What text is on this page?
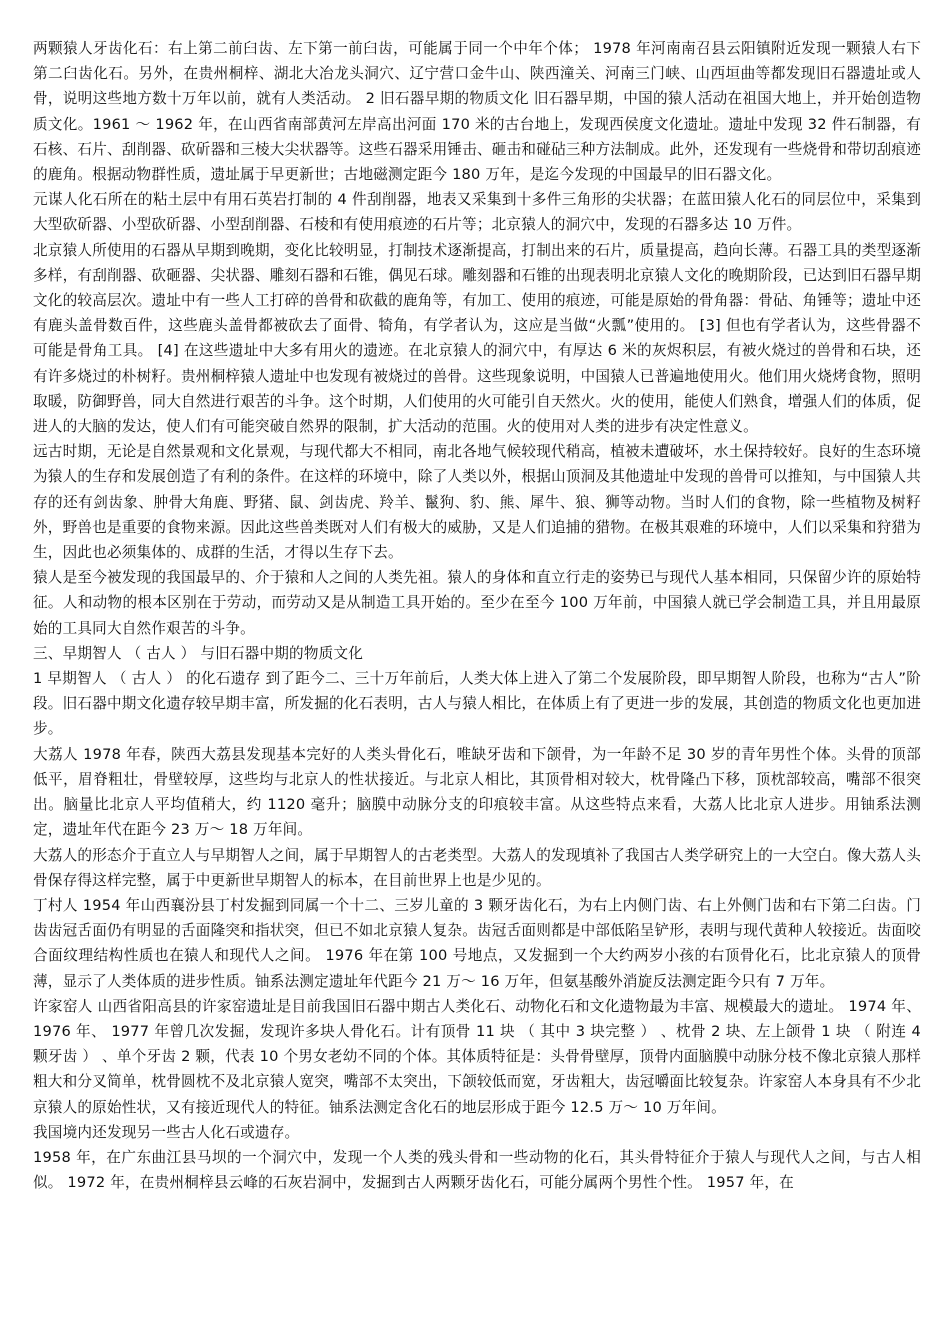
两颗猿人牙齿化石：右上第二前臼齿、左下第一前臼齿，可能属于同一个中年个体； 1978 年河南南召县云阳镇附近发现一颗猿人右下第二臼齿化石。另外，在贵州桐梓、湖北大冶龙头洞穴、辽宁营口金牛山、陕西潼关、河南三门峡、山西垣曲等都发现旧石器遗址或人骨，说明这些地方数十万年以前，就有人类活动。 2 旧石器早期的物质文化 旧石器早期，中国的猿人活动在祖国大地上，并开始创造物质文化。1961 ～ 1962 年，在山西省南部黄河左岸高出河面 170 米的古台地上，发现西侯度文化遗址。遗址中发现 32 件石制器，有石核、石片、刮削器、砍斫器和三棱大尖状器等。这些石器采用锤击、砸击和碰砧三种方法制成。此外，还发现有一些烧骨和带切刮痕迹的鹿角。根据动物群性质，遗址属于早更新世；古地磁测定距今 180 万年，是迄今发现的中国最早的旧石器文化。

元谋人化石所在的粘土层中有用石英岩打制的 4 件刮削器，地表又采集到十多件三角形的尖状器；在蓝田猿人化石的同层位中，采集到大型砍斫器、小型砍斫器、小型刮削器、石棱和有使用痕迹的石片等；北京猿人的洞穴中，发现的石器多达 10 万件。

北京猿人所使用的石器从早期到晚期，变化比较明显，打制技术逐渐提高，打制出来的石片，质量提高，趋向长薄。石器工具的类型逐渐多样，有刮削器、砍砸器、尖状器、雕刻石器和石锥，偶见石球。雕刻器和石锥的出现表明北京猿人文化的晚期阶段，已达到旧石器早期文化的较高层次。遗址中有一些人工打碎的兽骨和砍截的鹿角等，有加工、使用的痕迹，可能是原始的骨角器：骨砧、角锤等；遗址中还有鹿头盖骨数百件，这些鹿头盖骨都被砍去了面骨、犄角，有学者认为，这应是当做“火瓢”使用的。 [3] 但也有学者认为，这些骨器不可能是骨角工具。 [4] 在这些遗址中大多有用火的遗迹。在北京猿人的洞穴中，有厚达 6 米的灰烬积层，有被火烧过的兽骨和石块，还有许多烧过的朴树籽。贵州桐梓猿人遗址中也发现有被烧过的兽骨。这些现象说明，中国猿人已普遍地使用火。他们用火烧烤食物，照明取暖，防御野兽，同大自然进行艰苦的斗争。这个时期，人们使用的火可能引自天然火。火的使用，能使人们熟食，增强人们的体质，促进人的大脑的发达，使人们有可能突破自然界的限制，扩大活动的范围。火的使用对人类的进步有决定性意义。

远古时期，无论是自然景观和文化景观，与现代都大不相同，南北各地气候较现代稍高，植被未遭破坏，水土保持较好。良好的生态环境为猿人的生存和发展创造了有利的条件。在这样的环境中，除了人类以外，根据山顶洞及其他遗址中发现的兽骨可以推知，与中国猿人共存的还有剑齿象、肿骨大角鹿、野猪、鼠、剑齿虎、羚羊、鬣狗、豹、熊、犀牛、狼、狮等动物。当时人们的食物，除一些植物及树籽外，野兽也是重要的食物来源。因此这些兽类既对人们有极大的威胁，又是人们追捕的猎物。在极其艰难的环境中，人们以采集和狩猎为生，因此也必须集体的、成群的生活，才得以生存下去。

猿人是至今被发现的我国最早的、介于猿和人之间的人类先祖。猿人的身体和直立行走的姿势已与现代人基本相同，只保留少许的原始特征。人和动物的根本区别在于劳动，而劳动又是从制造工具开始的。至少在至今 100 万年前，中国猿人就已学会制造工具，并且用最原始的工具同大自然作艰苦的斗争。

三、早期智人 （ 古人 ） 与旧石器中期的物质文化

1 早期智人 （ 古人 ） 的化石遗存 到了距今二、三十万年前后，人类大体上进入了第二个发展阶段，即早期智人阶段，也称为“古人”阶段。旧石器中期文化遗存较早期丰富，所发掘的化石表明，古人与猿人相比，在体质上有了更进一步的发展，其创造的物质文化也更加进步。

大荔人 1978 年春，陕西大荔县发现基本完好的人类头骨化石，唯缺牙齿和下颌骨，为一年龄不足 30 岁的青年男性个体。头骨的顶部低平，眉脊粗壮，骨壁较厚，这些均与北京人的性状接近。与北京人相比，其顶骨相对较大，枕骨隆凸下移，顶枕部较高，嘴部不很突出。脑量比北京人平均值稍大，约 1120 毫升；脑膜中动脉分支的印痕较丰富。从这些特点来看，大荔人比北京人进步。用铀系法测定，遗址年代在距今 23 万～ 18 万年间。

大荔人的形态介于直立人与早期智人之间，属于早期智人的古老类型。大荔人的发现填补了我国古人类学研究上的一大空白。像大荔人头骨保存得这样完整，属于中更新世早期智人的标本，在目前世界上也是少见的。

丁村人 1954 年山西襄汾县丁村发掘到同属一个十二、三岁儿童的 3 颗牙齿化石，为右上内侧门齿、右上外侧门齿和右下第二臼齿。门齿齿冠舌面仍有明显的舌面隆突和指状突，但已不如北京猿人复杂。齿冠舌面则都是中部低陷呈铲形，表明与现代黄种人较接近。齿面咬合面纹理结构性质也在猿人和现代人之间。 1976 年在第 100 号地点，又发掘到一个大约两岁小孩的右顶骨化石，比北京猿人的顶骨薄，显示了人类体质的进步性质。铀系法测定遗址年代距今 21 万～ 16 万年，但氨基酸外消旋反法测定距今只有 7 万年。

许家窑人 山西省阳高县的许家窑遗址是目前我国旧石器中期古人类化石、动物化石和文化遗物最为丰富、规模最大的遗址。 1974 年、 1976 年、 1977 年曾几次发掘，发现许多块人骨化石。计有顶骨 11 块 （ 其中 3 块完整 ） 、枕骨 2 块、左上颌骨 1 块 （ 附连 4 颗牙齿 ） 、单个牙齿 2 颗，代表 10 个男女老幼不同的个体。其体质特征是：头骨骨壁厚，顶骨内面脑膜中动脉分枝不像北京猿人那样粗大和分叉简单，枕骨圆枕不及北京猿人宽突，嘴部不太突出，下颌较低而宽，牙齿粗大，齿冠嚼面比较复杂。许家窑人本身具有不少北京猿人的原始性状，又有接近现代人的特征。铀系法测定含化石的地层形成于距今 12.5 万～ 10 万年间。

我国境内还发现另一些古人化石或遗存。

1958 年，在广东曲江县马坝的一个洞穴中，发现一个人类的残头骨和一些动物的化石，其头骨特征介于猿人与现代人之间，与古人相似。 1972 年，在贵州桐梓县云峰的石灰岩洞中，发掘到古人两颗牙齿化石，可能分属两个男性个性。 1957 年，在
